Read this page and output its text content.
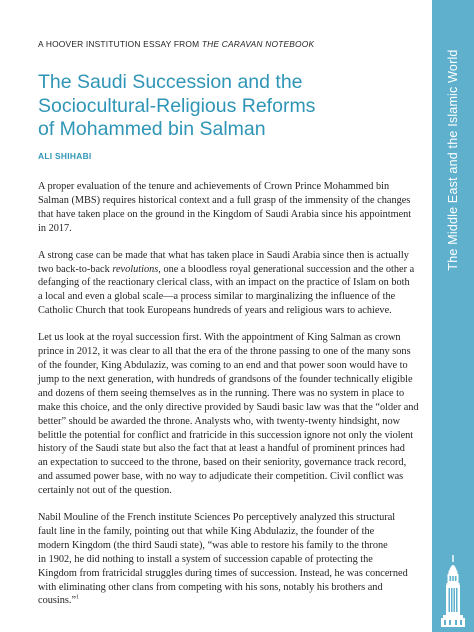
The Middle East and the Islamic World
A HOOVER INSTITUTION ESSAY FROM THE CARAVAN NOTEBOOK
The Saudi Succession and the
Sociocultural-Religious Reforms
of Mohammed bin Salman
ALI SHIHABI

A proper evaluation of the tenure and achievements of Crown Prince Mohammed bin
Salman (MBS) requires historical context and a full grasp of the immensity of the changes
that have taken place on the ground in the Kingdom of Saudi Arabia since his appointment
in 2017.

A strong case can be made that what has taken place in Saudi Arabia since then is actually
two back-to-back revolutions, one a bloodless royal generational succession and the other a
defanging of the reactionary clerical class, with an impact on the practice of Islam on both
a local and even a global scale—a process similar to marginalizing the influence of the
Catholic Church that took Europeans hundreds of years and religious wars to achieve.

Let us look at the royal succession first. With the appointment of King Salman as crown
prince in 2012, it was clear to all that the era of the throne passing to one of the many sons
of the founder, King Abdulaziz, was coming to an end and that power soon would have to
jump to the next generation, with hundreds of grandsons of the founder technically eligible
and dozens of them seeing themselves as in the running. There was no system in place to
make this choice, and the only directive provided by Saudi basic law was that the “older and
better” should be awarded the throne. Analysts who, with twenty-twenty hindsight, now
belittle the potential for conflict and fratricide in this succession ignore not only the violent
history of the Saudi state but also the fact that at least a handful of prominent princes had
an expectation to succeed to the throne, based on their seniority, governance track record,
and assumed power base, with no way to adjudicate their competition. Civil conflict was
certainly not out of the question.

Nabil Mouline of the French institute Sciences Po perceptively analyzed this structural
fault line in the family, pointing out that while King Abdulaziz, the founder of the
modern Kingdom (the third Saudi state), “was able to restore his family to the throne
in 1902, he did nothing to install a system of succession capable of protecting the
Kingdom from fratricidal struggles during times of succession. Instead, he was concerned
with eliminating other clans from competing with his sons, notably his brothers and
cousins.”$^1$
